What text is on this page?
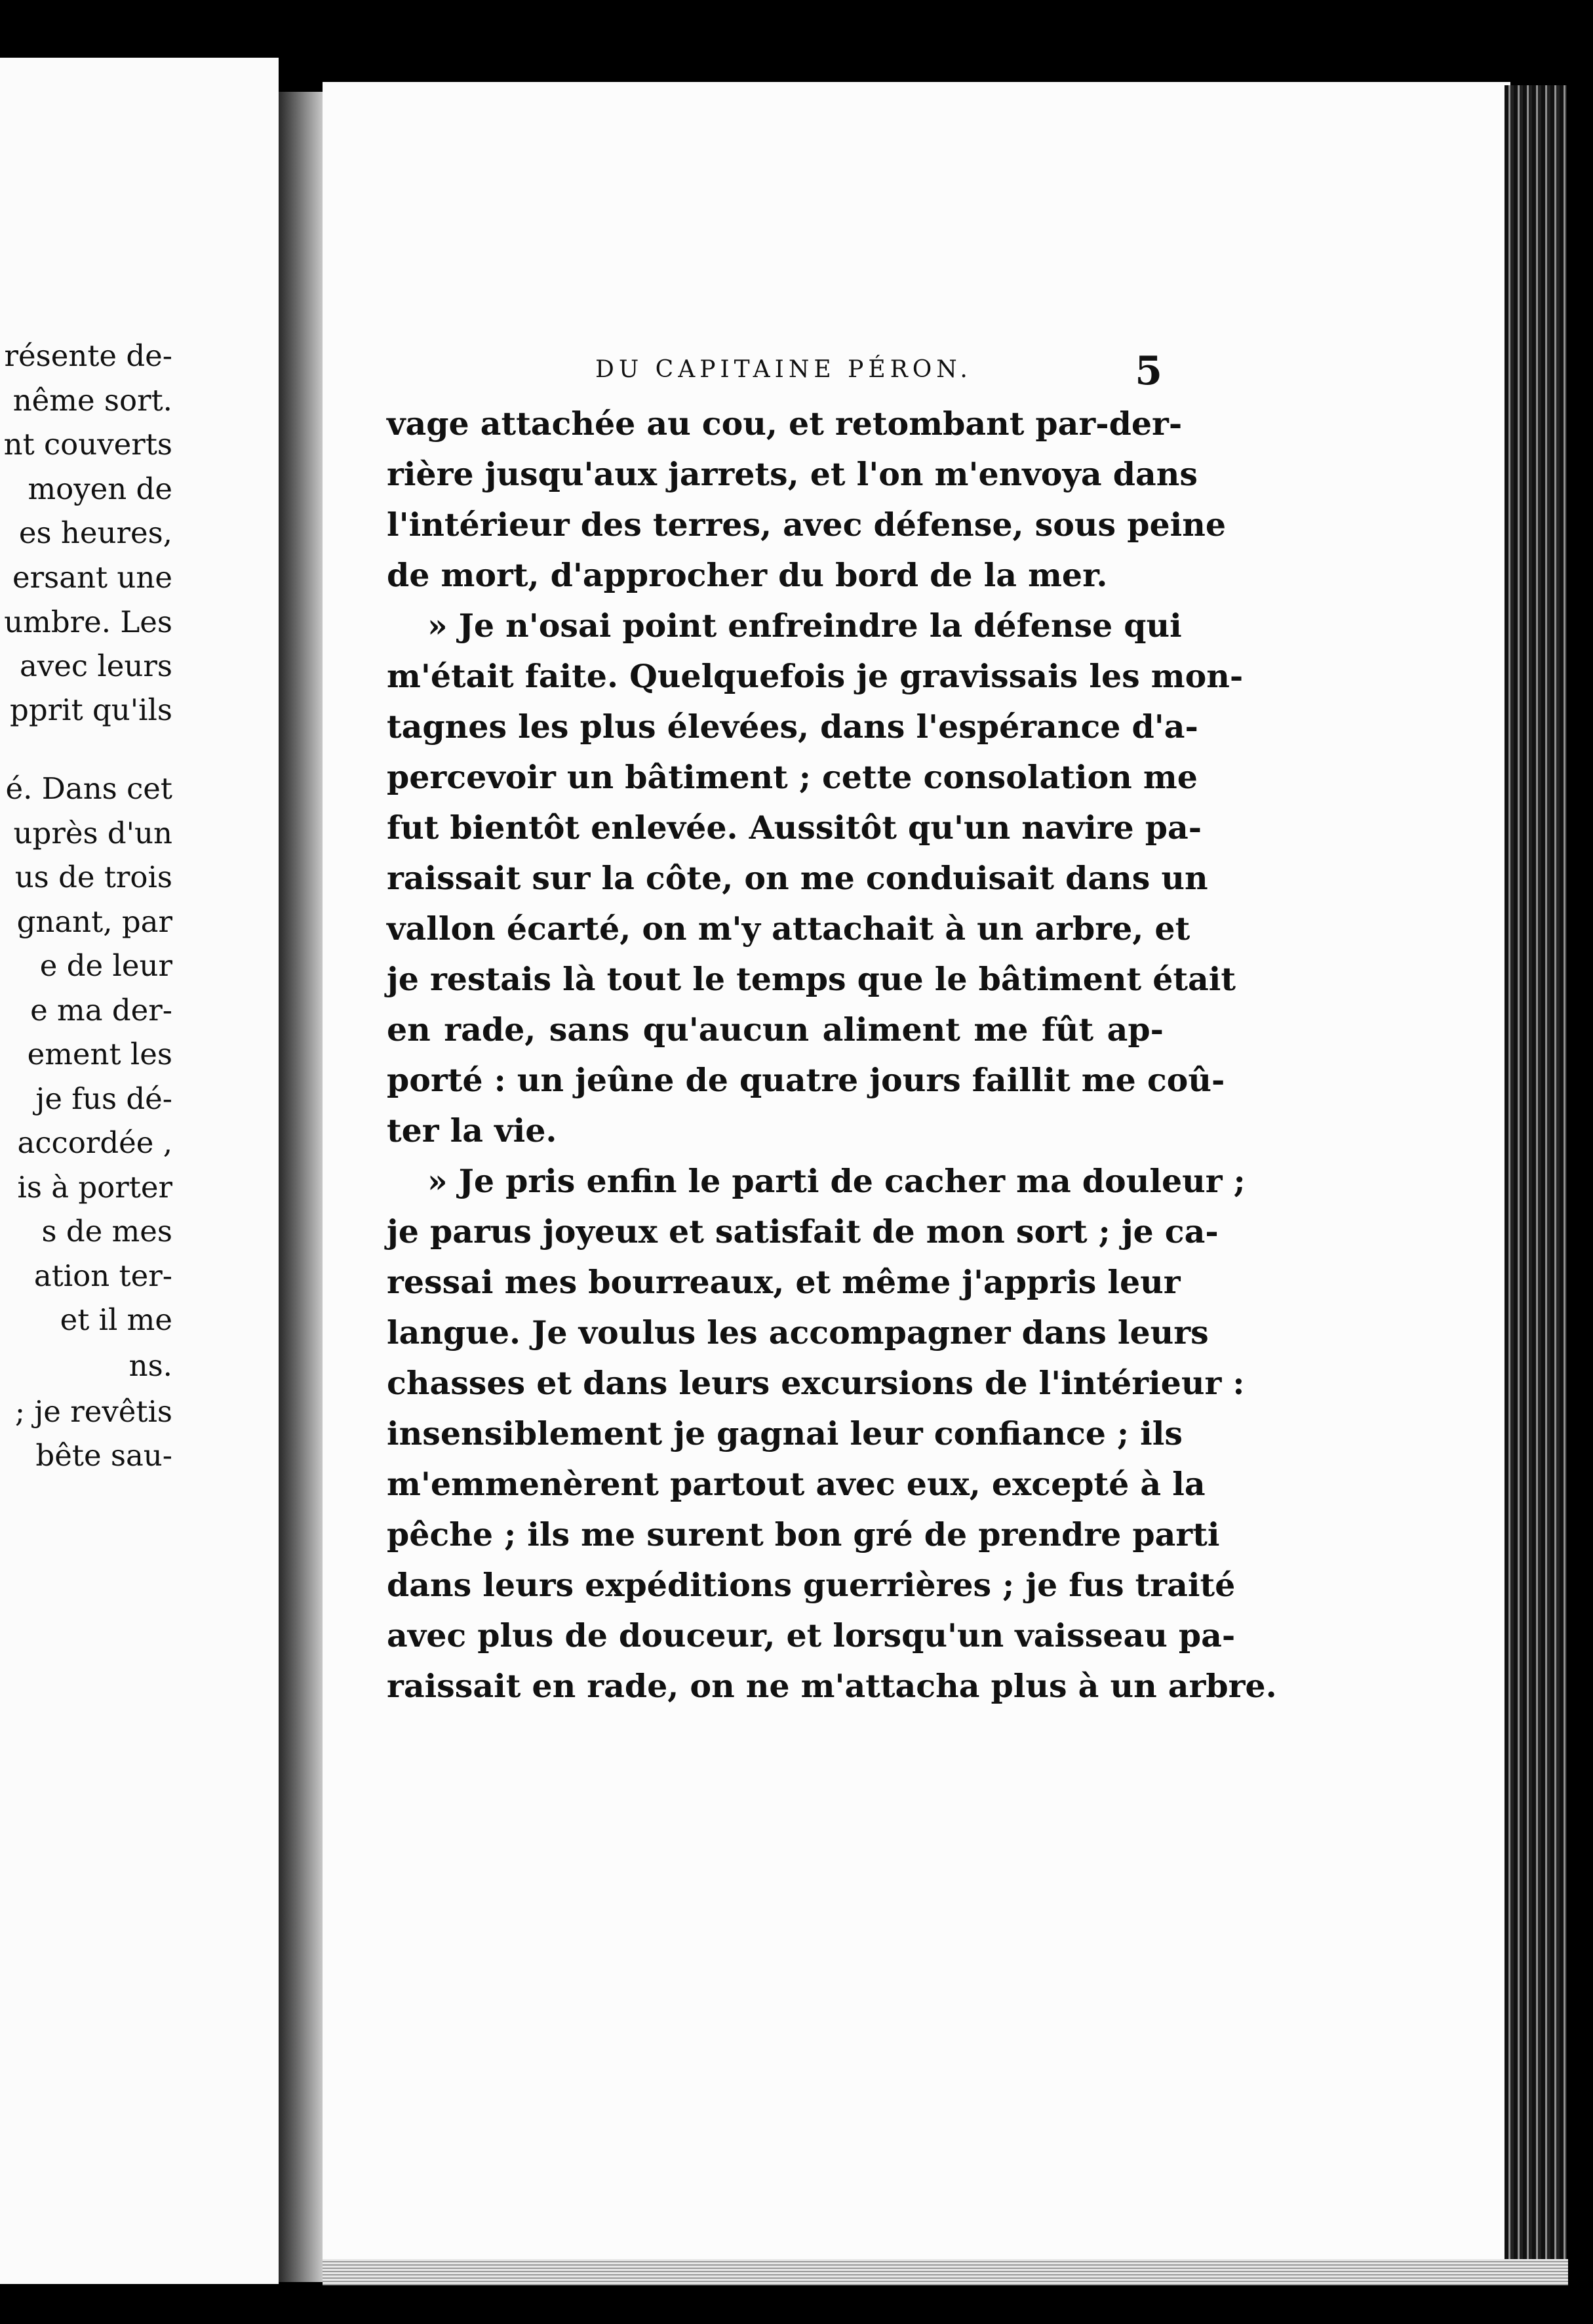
résente de-
nême sort.
nt couverts
moyen de
es heures,
ersant une
umbre. Les
avec leurs
pprit qu'ils
é. Dans cet
uprès d'un
us de trois
gnant, par
e de leur
e ma der-
ement les
je fus dé-
accordée ,
is à porter
s de mes
ation ter-
et il me
ns.
; je revêtis
bête sau-
DU CAPITAINE PÉRON.	5
vage attachée au cou, et retombant par-der-
rière jusqu'aux jarrets, et l'on m'envoya dans
l'intérieur des terres, avec défense, sous peine
de mort, d'approcher du bord de la mer.
» Je n'osai point enfreindre la défense qui
m'était faite. Quelquefois je gravissais les mon-
tagnes les plus élevées, dans l'espérance d'a-
percevoir un bâtiment ; cette consolation me
fut bientôt enlevée. Aussitôt qu'un navire pa-
raissait sur la côte, on me conduisait dans un
vallon écarté, on m'y attachait à un arbre, et
je restais là tout le temps que le bâtiment était
en rade, sans qu'aucun aliment me fût ap-
porté : un jeûne de quatre jours faillit me coû-
ter la vie.
» Je pris enfin le parti de cacher ma douleur ;
je parus joyeux et satisfait de mon sort ; je ca-
ressai mes bourreaux, et même j'appris leur
langue. Je voulus les accompagner dans leurs
chasses et dans leurs excursions de l'intérieur :
insensiblement je gagnai leur confiance ; ils
m'emmenèrent partout avec eux, excepté à la
pêche ; ils me surent bon gré de prendre parti
dans leurs expéditions guerrières ; je fus traité
avec plus de douceur, et lorsqu'un vaisseau pa-
raissait en rade, on ne m'attacha plus à un arbre.
